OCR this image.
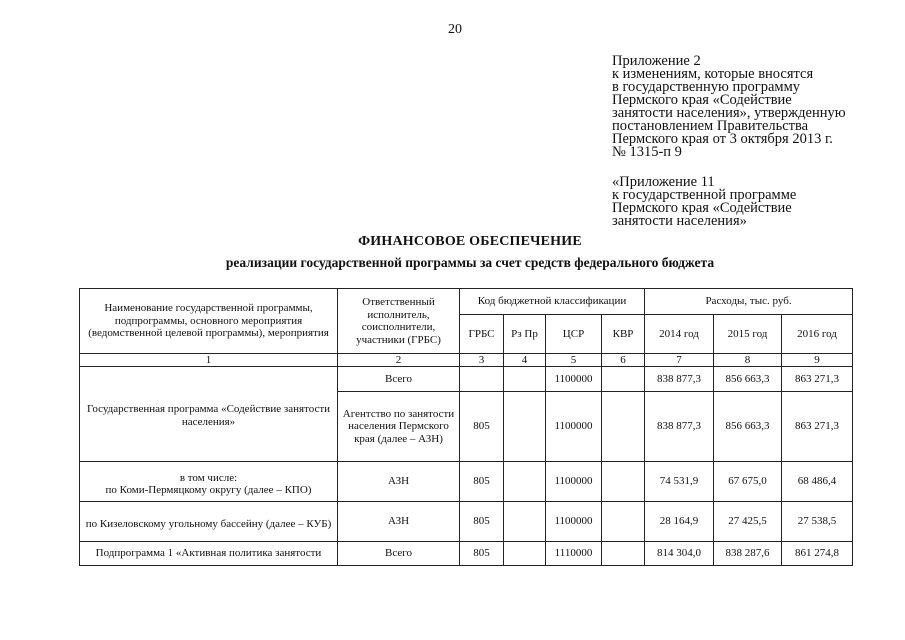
20
Приложение 2
к изменениям, которые вносятся
в государственную программу
Пермского края «Содействие
занятости населения», утвержденную
постановлением Правительства
Пермского края от 3 октября 2013 г.
№ 1315-п 9
«Приложение 11
к государственной программе
Пермского края «Содействие
занятости населения»
ФИНАНСОВОЕ ОБЕСПЕЧЕНИЕ
реализации государственной программы за счет средств федерального бюджета
Наименование государственной программы, подпрограммы, основного мероприятия (ведомственной целевой программы), мероприятия	Ответственный исполнитель, соисполнители, участники (ГРБС)	Код бюджетной классификации				Расходы, тыс. руб.		
		ГРБС	Рз Пр	ЦСР	КВР	2014 год	2015 год	2016 год
1	2	3	4	5	6	7	8	9
Государственная программа «Содействие занятости населения»	Всего			1100000		838 877,3	856 663,3	863 271,3
	Агентство по занятости населения Пермского края (далее – АЗН)	805		1100000		838 877,3	856 663,3	863 271,3
в том числе:
по Коми-Пермяцкому округу (далее – КПО)	АЗН	805		1100000		74 531,9	67 675,0	68 486,4
по Кизеловскому угольному бассейну (далее – КУБ)	АЗН	805		1100000		28 164,9	27 425,5	27 538,5
Подпрограмма 1 «Активная политика занятости	Всего	805		1110000		814 304,0	838 287,6	861 274,8
